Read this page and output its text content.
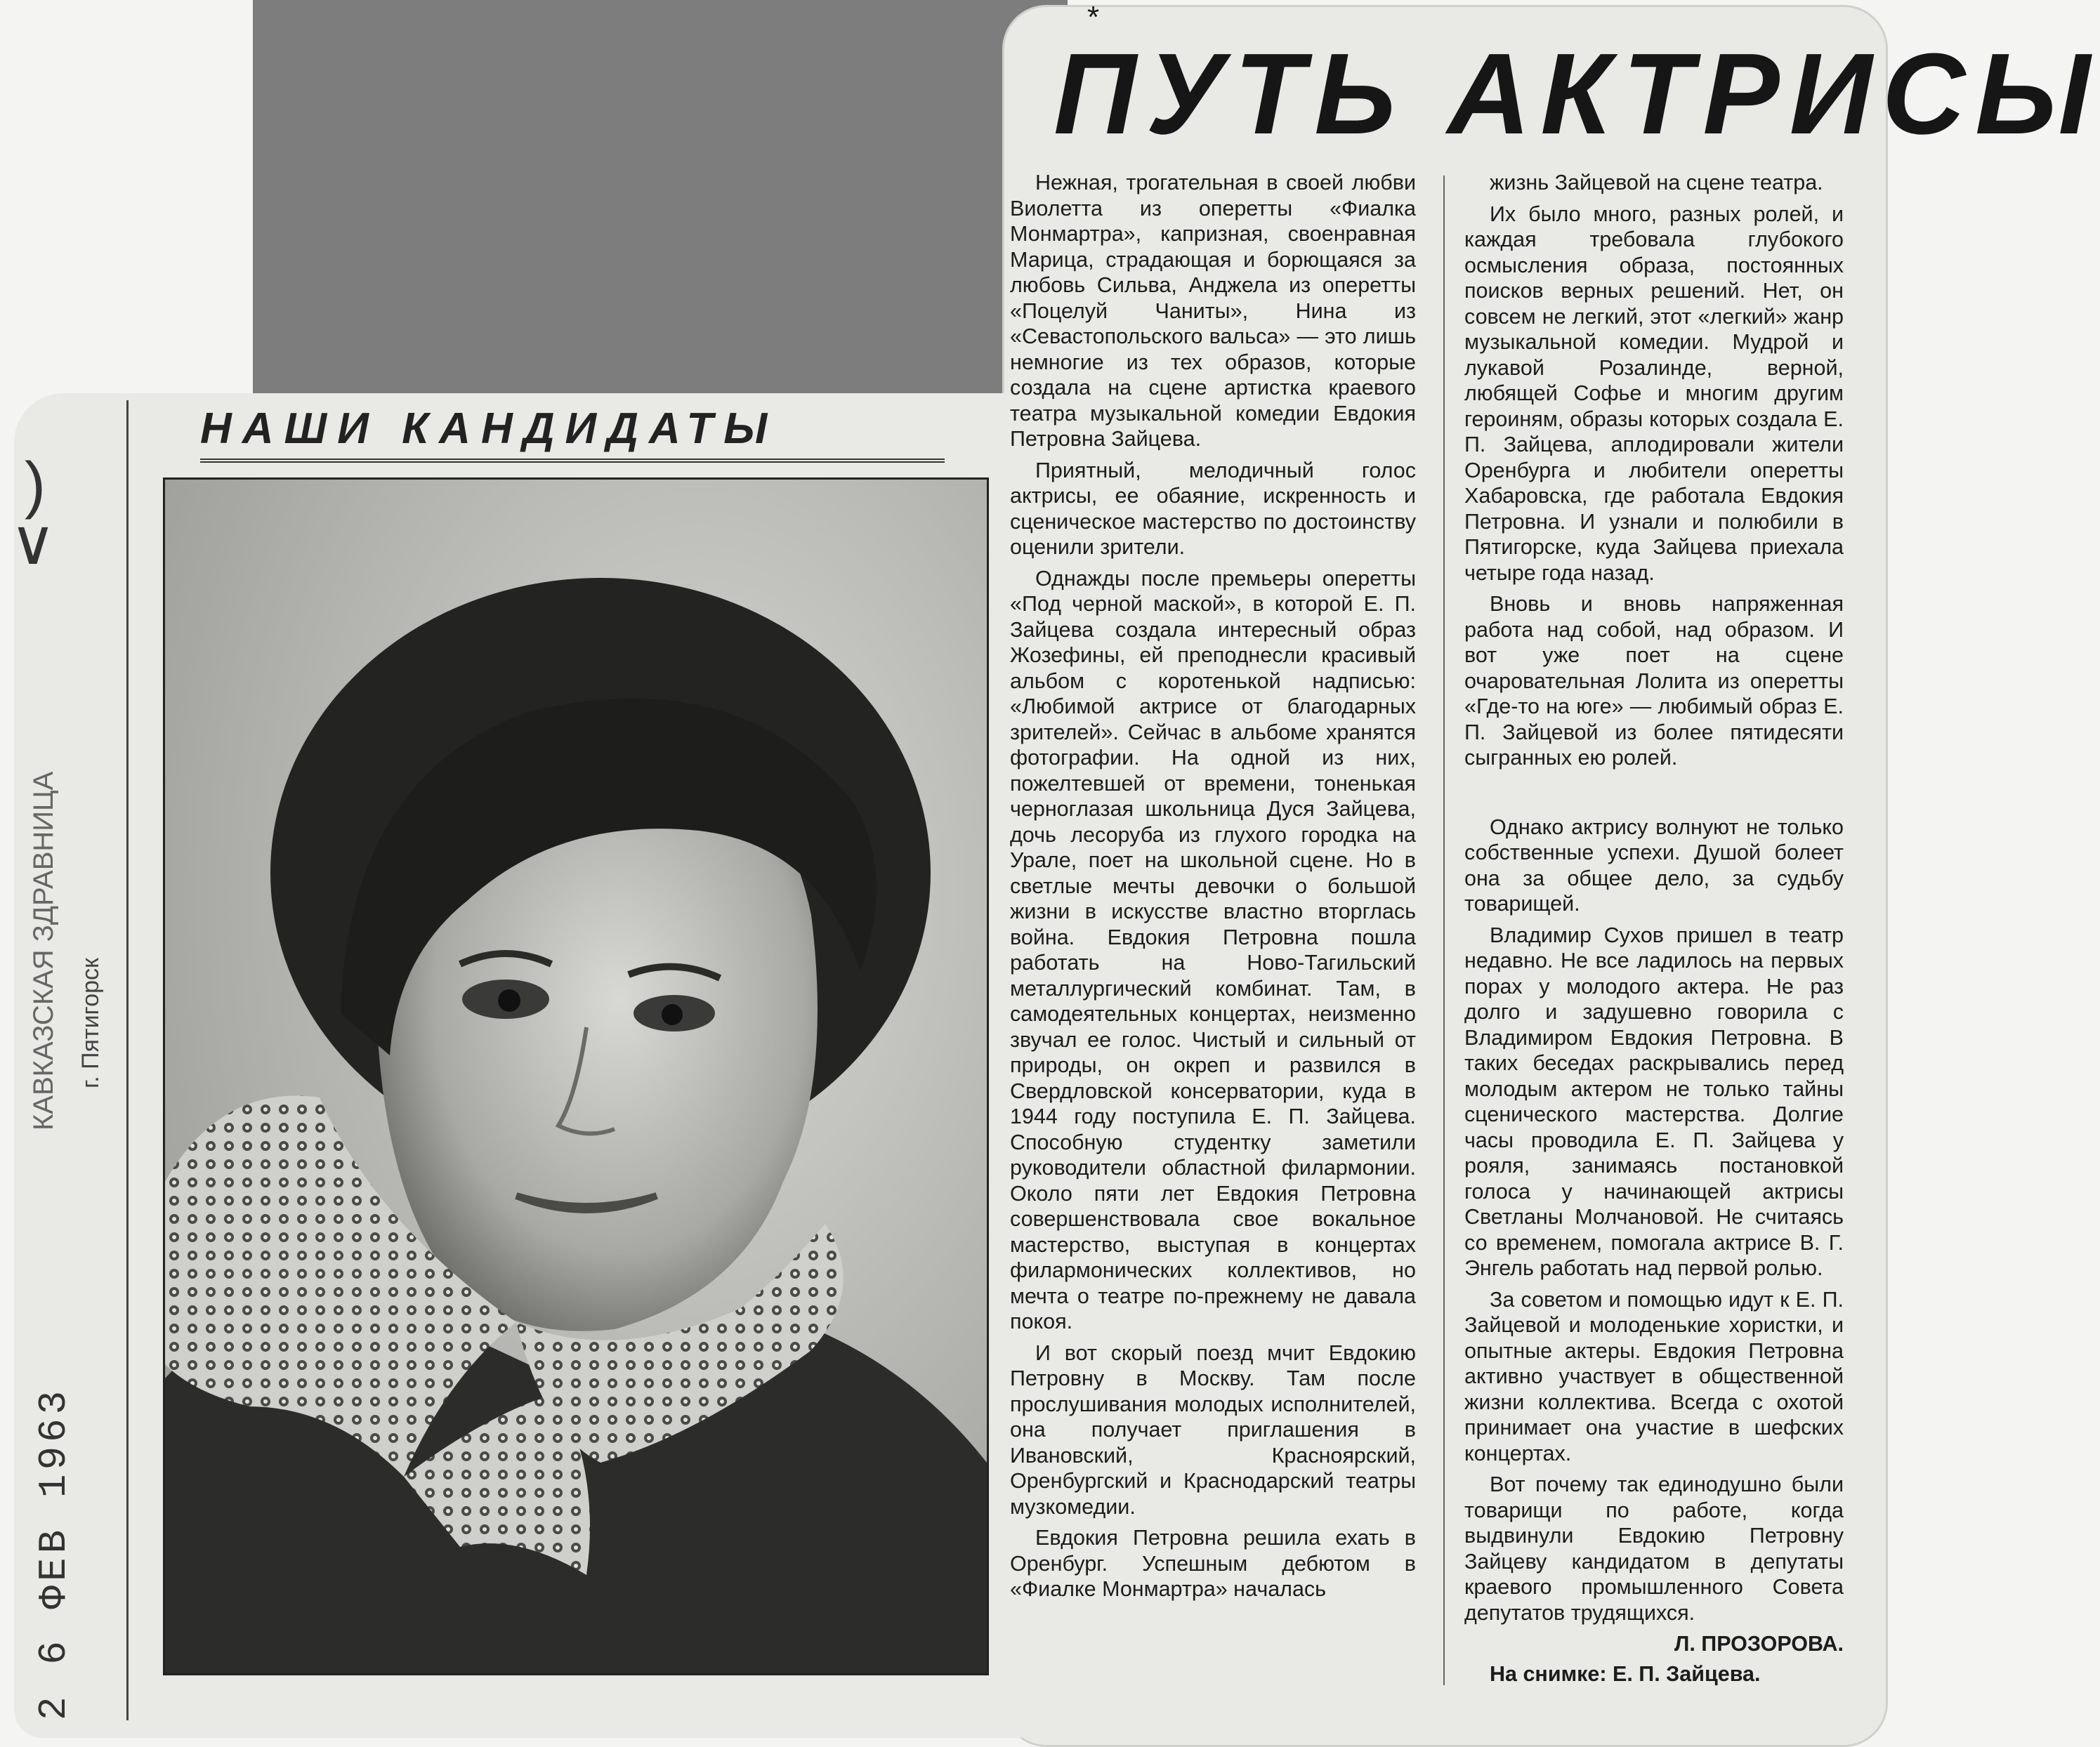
*
ПУТЬ АКТРИСЫ
)
∨
КАВКАЗСКАЯ ЗДРАВНИЦА г. Пятигорск
2 6 ФЕВ 1963
НАШИ КАНДИДАТЫ

Нежная, трогательная в своей любви Виолетта из оперетты «Фиалка Монмартра», капризная, своенравная Марица, страдающая и борющаяся за любовь Сильва, Анджела из оперетты «Поцелуй Чаниты», Нина из «Севастопольского вальса» — это лишь немногие из тех образов, которые создала на сцене артистка краевого театра музыкальной комедии Евдокия Петровна Зайцева.

Приятный, мелодичный голос актрисы, ее обаяние, искренность и сценическое мастерство по достоинству оценили зрители.

Однажды после премьеры оперетты «Под черной маской», в которой Е. П. Зайцева создала интересный образ Жозефины, ей преподнесли красивый альбом с коротенькой надписью: «Любимой актрисе от благодарных зрителей». Сейчас в альбоме хранятся фотографии. На одной из них, пожелтевшей от времени, тоненькая черноглазая школьница Дуся Зайцева, дочь лесоруба из глухого городка на Урале, поет на школьной сцене. Но в светлые мечты девочки о большой жизни в искусстве властно вторглась война. Евдокия Петровна пошла работать на Ново-Тагильский металлургический комбинат. Там, в самодеятельных концертах, неизменно звучал ее голос. Чистый и сильный от природы, он окреп и развился в Свердловской консерватории, куда в 1944 году поступила Е. П. Зайцева. Способную студентку заметили руководители областной филармонии. Около пяти лет Евдокия Петровна совершенствовала свое вокальное мастерство, выступая в концертах филармонических коллективов, но мечта о театре по-прежнему не давала покоя.

И вот скорый поезд мчит Евдокию Петровну в Москву. Там после прослушивания молодых исполнителей, она получает приглашения в Ивановский, Красноярский, Оренбургский и Краснодарский театры музкомедии.

Евдокия Петровна решила ехать в Оренбург. Успешным дебютом в «Фиалке Монмартра» началась

жизнь Зайцевой на сцене театра.

Их было много, разных ролей, и каждая требовала глубокого осмысления образа, постоянных поисков верных решений. Нет, он совсем не легкий, этот «легкий» жанр музыкальной комедии. Мудрой и лукавой Розалинде, верной, любящей Софье и многим другим героиням, образы которых создала Е. П. Зайцева, аплодировали жители Оренбурга и любители оперетты Хабаровска, где работала Евдокия Петровна. И узнали и полюбили в Пятигорске, куда Зайцева приехала четыре года назад.

Вновь и вновь напряженная работа над собой, над образом. И вот уже поет на сцене очаровательная Лолита из оперетты «Где-то на юге» — любимый образ Е. П. Зайцевой из более пятидесяти сыгранных ею ролей.

Однако актрису волнуют не только собственные успехи. Душой болеет она за общее дело, за судьбу товарищей.

Владимир Сухов пришел в театр недавно. Не все ладилось на первых порах у молодого актера. Не раз долго и задушевно говорила с Владимиром Евдокия Петровна. В таких беседах раскрывались перед молодым актером не только тайны сценического мастерства. Долгие часы проводила Е. П. Зайцева у рояля, занимаясь постановкой голоса у начинающей актрисы Светланы Молчановой. Не считаясь со временем, помогала актрисе В. Г. Энгель работать над первой ролью.

За советом и помощью идут к Е. П. Зайцевой и молоденькие хористки, и опытные актеры. Евдокия Петровна активно участвует в общественной жизни коллектива. Всегда с охотой принимает она участие в шефских концертах.

Вот почему так единодушно были товарищи по работе, когда выдвинули Евдокию Петровну Зайцеву кандидатом в депутаты краевого промышленного Совета депутатов трудящихся.

Л. ПРОЗОРОВА.
На снимке: Е. П. Зайцева.
